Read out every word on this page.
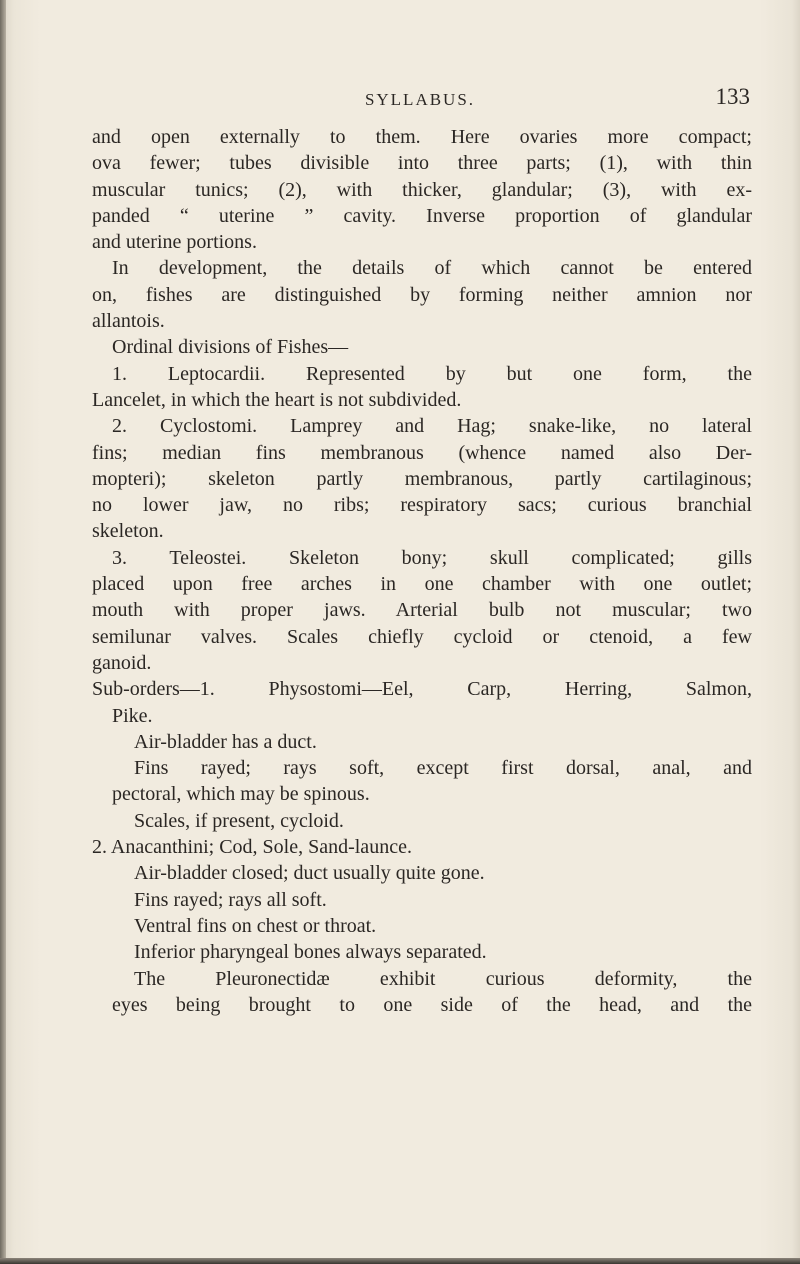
SYLLABUS.	133
and open externally to them. Here ovaries more compact;
ova fewer; tubes divisible into three parts; (1), with thin
muscular tunics; (2), with thicker, glandular; (3), with ex-
panded “ uterine ” cavity. Inverse proportion of glandular
and uterine portions.
In development, the details of which cannot be entered
on, fishes are distinguished by forming neither amnion nor
allantois.
Ordinal divisions of Fishes—
1. Leptocardii. Represented by but one form, the
Lancelet, in which the heart is not subdivided.
2. Cyclostomi. Lamprey and Hag; snake-like, no lateral
fins; median fins membranous (whence named also Der-
mopteri); skeleton partly membranous, partly cartilaginous;
no lower jaw, no ribs; respiratory sacs; curious branchial
skeleton.
3. Teleostei. Skeleton bony; skull complicated; gills
placed upon free arches in one chamber with one outlet;
mouth with proper jaws. Arterial bulb not muscular; two
semilunar valves. Scales chiefly cycloid or ctenoid, a few
ganoid.
Sub-orders—1. Physostomi—Eel, Carp, Herring, Salmon,
Pike.
Air-bladder has a duct.
Fins rayed; rays soft, except first dorsal, anal, and
pectoral, which may be spinous.
Scales, if present, cycloid.
2. Anacanthini; Cod, Sole, Sand-launce.
Air-bladder closed; duct usually quite gone.
Fins rayed; rays all soft.
Ventral fins on chest or throat.
Inferior pharyngeal bones always separated.
The Pleuronectidæ exhibit curious deformity, the
eyes being brought to one side of the head, and the
